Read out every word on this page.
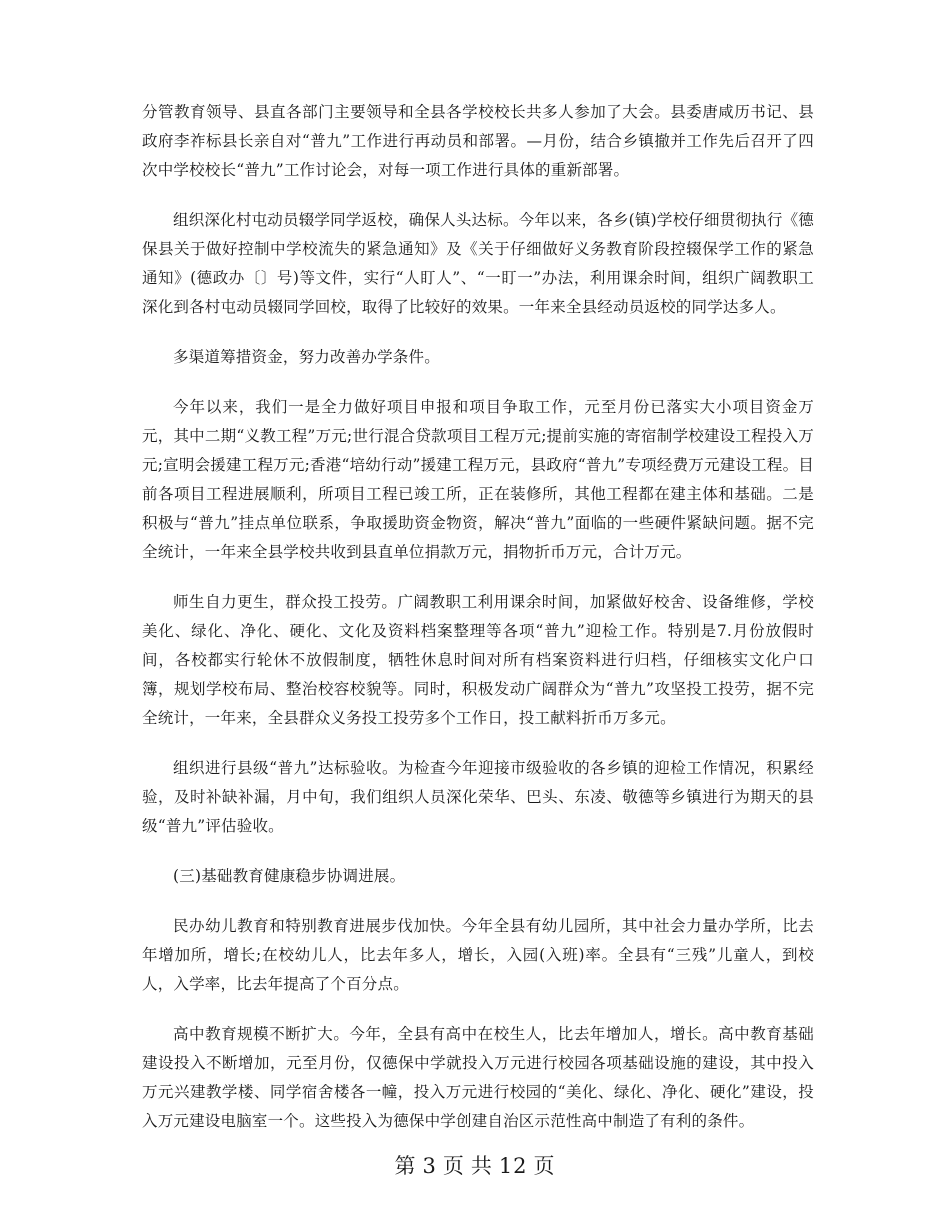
分管教育领导、县直各部门主要领导和全县各学校校长共多人参加了大会。县委唐咸历书记、县政府李祚标县长亲自对“普九”工作进行再动员和部署。—月份，结合乡镇撤并工作先后召开了四次中学校校长“普九”工作讨论会，对每一项工作进行具体的重新部署。

组织深化村屯动员辍学同学返校，确保人头达标。今年以来，各乡(镇)学校仔细贯彻执行《德保县关于做好控制中学校流失的紧急通知》及《关于仔细做好义务教育阶段控辍保学工作的紧急通知》(德政办〔〕号)等文件，实行“人盯人”、“一盯一”办法，利用课余时间，组织广阔教职工深化到各村屯动员辍同学回校，取得了比较好的效果。一年来全县经动员返校的同学达多人。

多渠道筹措资金，努力改善办学条件。

今年以来，我们一是全力做好项目申报和项目争取工作，元至月份已落实大小项目资金万元，其中二期“义教工程”万元;世行混合贷款项目工程万元;提前实施的寄宿制学校建设工程投入万元;宣明会援建工程万元;香港“培幼行动”援建工程万元，县政府“普九”专项经费万元建设工程。目前各项目工程进展顺利，所项目工程已竣工所，正在装修所，其他工程都在建主体和基础。二是积极与“普九”挂点单位联系，争取援助资金物资，解决“普九”面临的一些硬件紧缺问题。据不完全统计，一年来全县学校共收到县直单位捐款万元，捐物折币万元，合计万元。

师生自力更生，群众投工投劳。广阔教职工利用课余时间，加紧做好校舍、设备维修，学校美化、绿化、净化、硬化、文化及资料档案整理等各项“普九”迎检工作。特别是7.月份放假时间，各校都实行轮休不放假制度，牺牲休息时间对所有档案资料进行归档，仔细核实文化户口簿，规划学校布局、整治校容校貌等。同时，积极发动广阔群众为“普九”攻坚投工投劳，据不完全统计，一年来，全县群众义务投工投劳多个工作日，投工献料折币万多元。

组织进行县级“普九”达标验收。为检查今年迎接市级验收的各乡镇的迎检工作情况，积累经验，及时补缺补漏，月中旬，我们组织人员深化荣华、巴头、东凌、敬德等乡镇进行为期天的县级“普九”评估验收。

(三)基础教育健康稳步协调进展。

民办幼儿教育和特别教育进展步伐加快。今年全县有幼儿园所，其中社会力量办学所，比去年增加所，增长;在校幼儿人，比去年多人，增长，入园(入班)率。全县有“三残”儿童人，到校人，入学率，比去年提高了个百分点。

高中教育规模不断扩大。今年，全县有高中在校生人，比去年增加人，增长。高中教育基础建设投入不断增加，元至月份，仅德保中学就投入万元进行校园各项基础设施的建设，其中投入万元兴建教学楼、同学宿舍楼各一幢，投入万元进行校园的“美化、绿化、净化、硬化”建设，投入万元建设电脑室一个。这些投入为德保中学创建自治区示范性高中制造了有利的条件。

第 3 页 共 12 页
